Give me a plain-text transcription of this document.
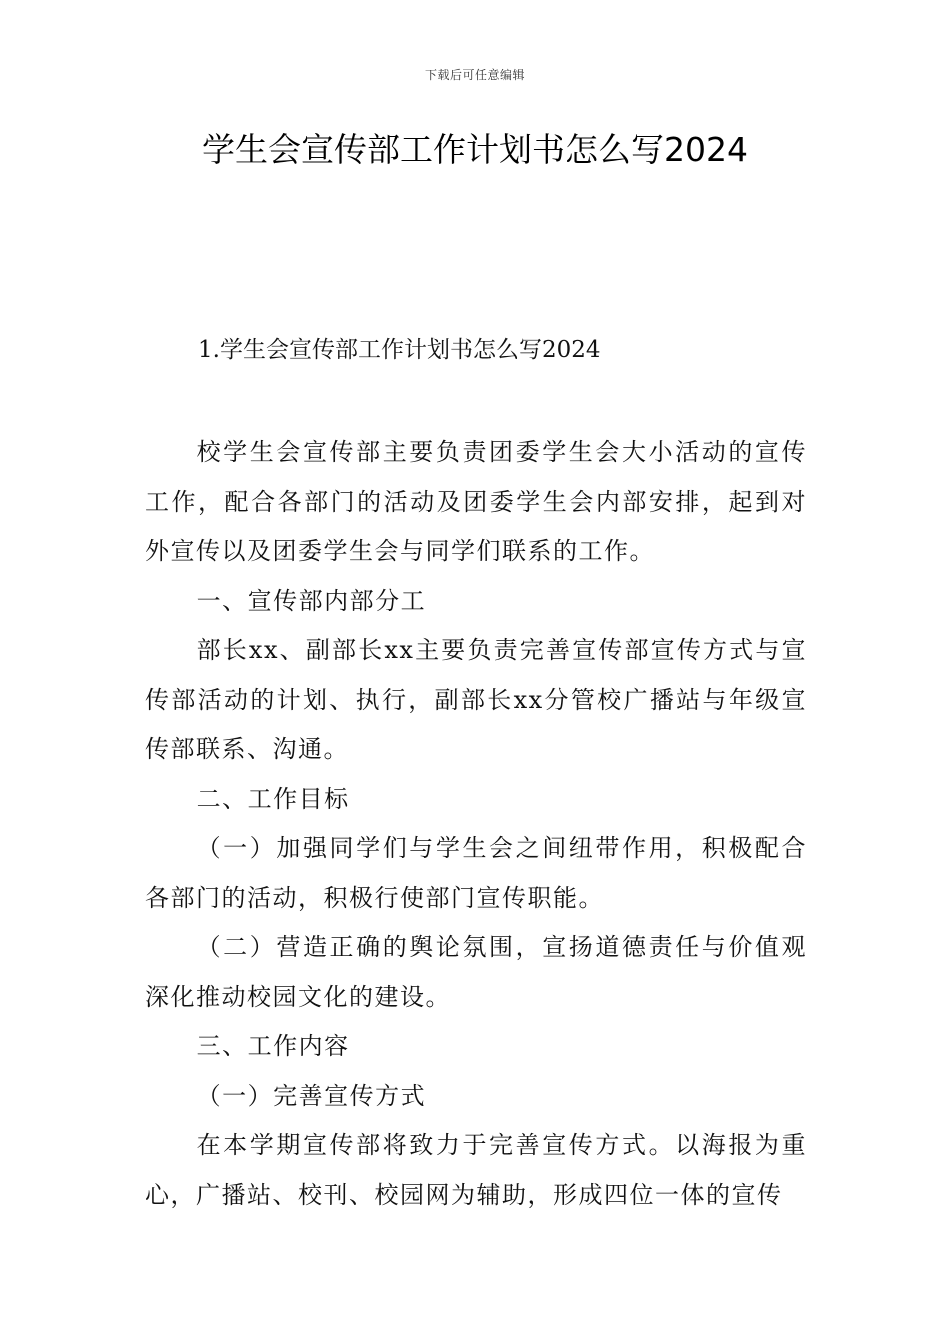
下载后可任意编辑
学生会宣传部工作计划书怎么写2024

1.学生会宣传部工作计划书怎么写2024

校学生会宣传部主要负责团委学生会大小活动的宣传工作，配合各部门的活动及团委学生会内部安排，起到对外宣传以及团委学生会与同学们联系的工作。

一、宣传部内部分工

部长xx、副部长xx主要负责完善宣传部宣传方式与宣传部活动的计划、执行，副部长xx分管校广播站与年级宣传部联系、沟通。

二、工作目标

（一）加强同学们与学生会之间纽带作用，积极配合各部门的活动，积极行使部门宣传职能。

（二）营造正确的舆论氛围，宣扬道德责任与价值观深化推动校园文化的建设。

三、工作内容

（一）完善宣传方式

在本学期宣传部将致力于完善宣传方式。以海报为重心，广播站、校刊、校园网为辅助，形成四位一体的宣传
